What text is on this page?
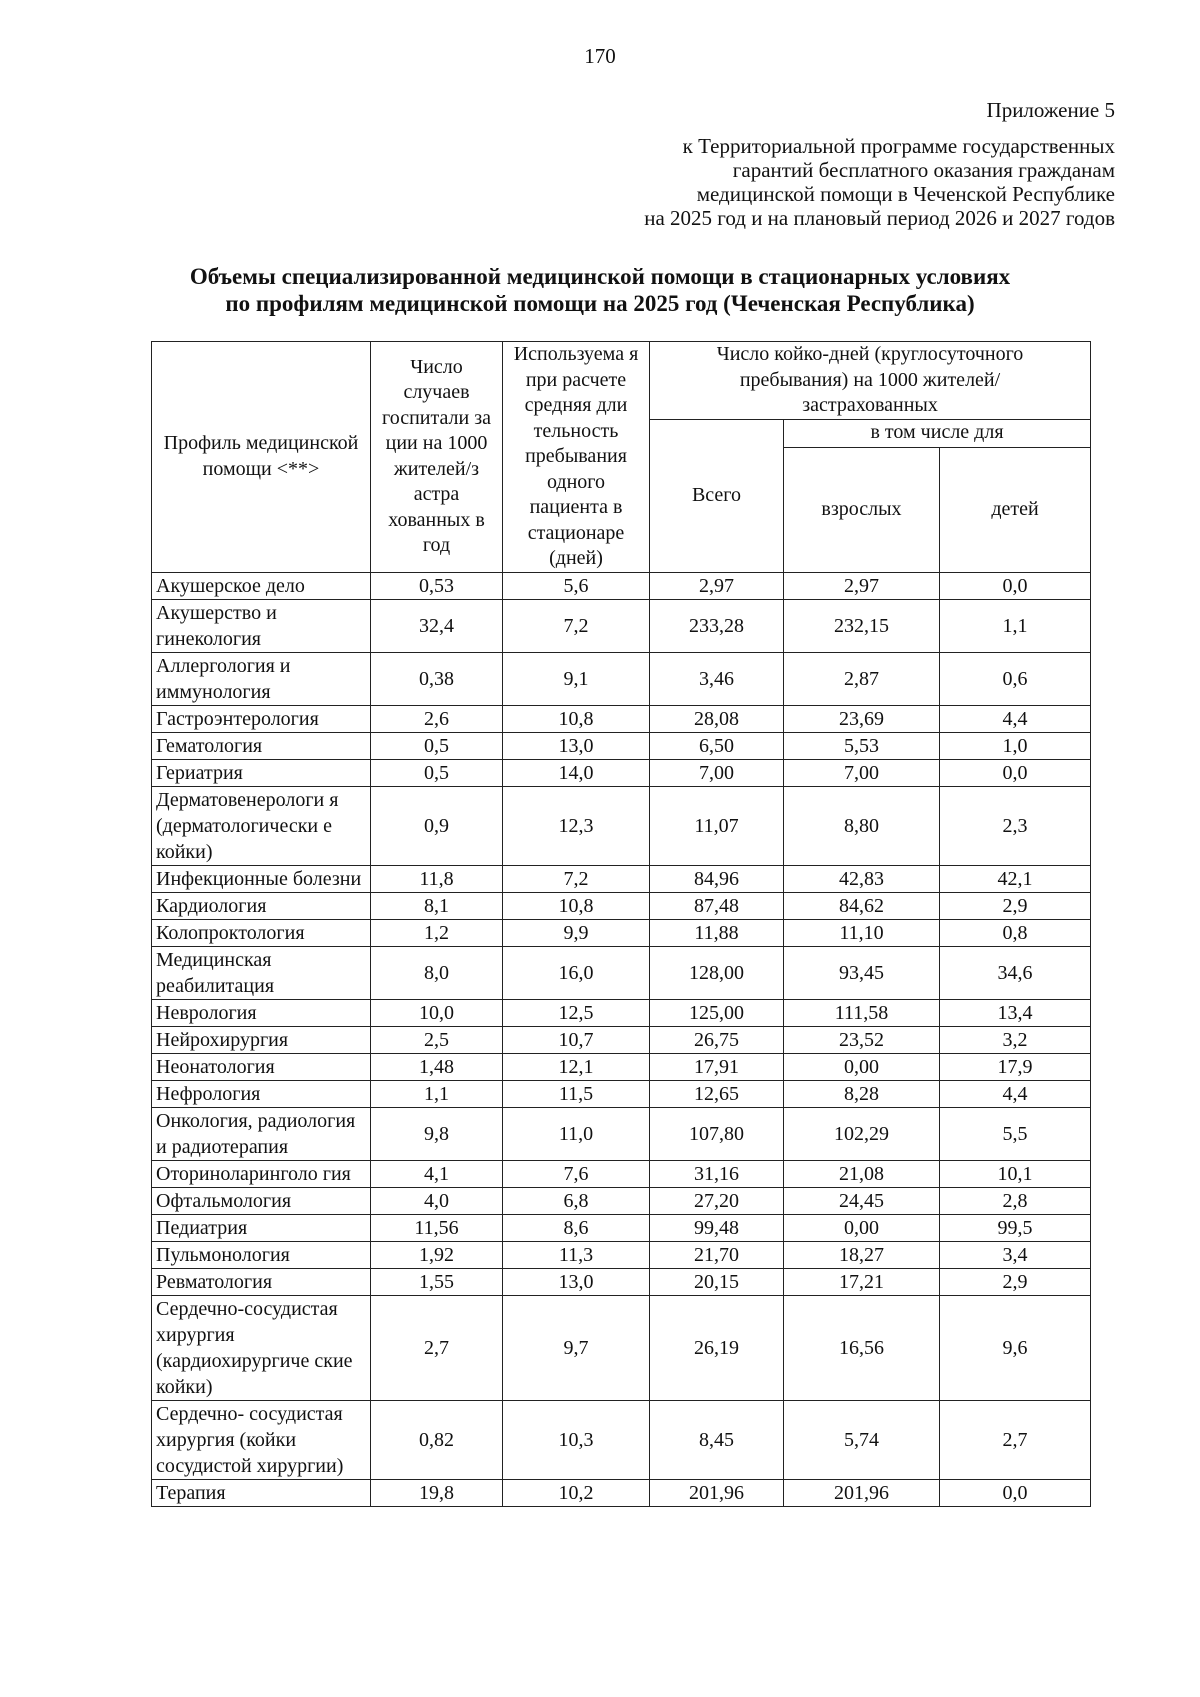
170
Приложение 5
к Территориальной программе государственных
гарантий бесплатного оказания гражданам
медицинской помощи в Чеченской Республике
на 2025 год и на плановый период 2026 и 2027 годов
Объемы специализированной медицинской помощи в стационарных условиях
по профилям медицинской помощи на 2025 год (Чеченская Республика)
Профиль медицинской помощи <**>	Число случаев госпитали за ции на 1000 жителей/з астра хованных в год	Используема я при расчете средняя дли тельность пребывания одного пациента в стационаре (дней)	Число койко-дней (круглосуточного пребывания) на 1000 жителей/застрахованных		
			Всего	в том числе для	
				взрослых	детей
Акушерское дело	0,53	5,6	2,97	2,97	0,0
Акушерство и гинекология	32,4	7,2	233,28	232,15	1,1
Аллергология и иммунология	0,38	9,1	3,46	2,87	0,6
Гастроэнтерология	2,6	10,8	28,08	23,69	4,4
Гематология	0,5	13,0	6,50	5,53	1,0
Гериатрия	0,5	14,0	7,00	7,00	0,0
Дерматовенерологи я (дерматологически е койки)	0,9	12,3	11,07	8,80	2,3
Инфекционные болезни	11,8	7,2	84,96	42,83	42,1
Кардиология	8,1	10,8	87,48	84,62	2,9
Колопроктология	1,2	9,9	11,88	11,10	0,8
Медицинская реабилитация	8,0	16,0	128,00	93,45	34,6
Неврология	10,0	12,5	125,00	111,58	13,4
Нейрохирургия	2,5	10,7	26,75	23,52	3,2
Неонатология	1,48	12,1	17,91	0,00	17,9
Нефрология	1,1	11,5	12,65	8,28	4,4
Онкология, радиология и радиотерапия	9,8	11,0	107,80	102,29	5,5
Оториноларинголо гия	4,1	7,6	31,16	21,08	10,1
Офтальмология	4,0	6,8	27,20	24,45	2,8
Педиатрия	11,56	8,6	99,48	0,00	99,5
Пульмонология	1,92	11,3	21,70	18,27	3,4
Ревматология	1,55	13,0	20,15	17,21	2,9
Сердечно-сосудистая хирургия (кардиохирургиче ские койки)	2,7	9,7	26,19	16,56	9,6
Сердечно- сосудистая хирургия (койки сосудистой хирургии)	0,82	10,3	8,45	5,74	2,7
Терапия	19,8	10,2	201,96	201,96	0,0
